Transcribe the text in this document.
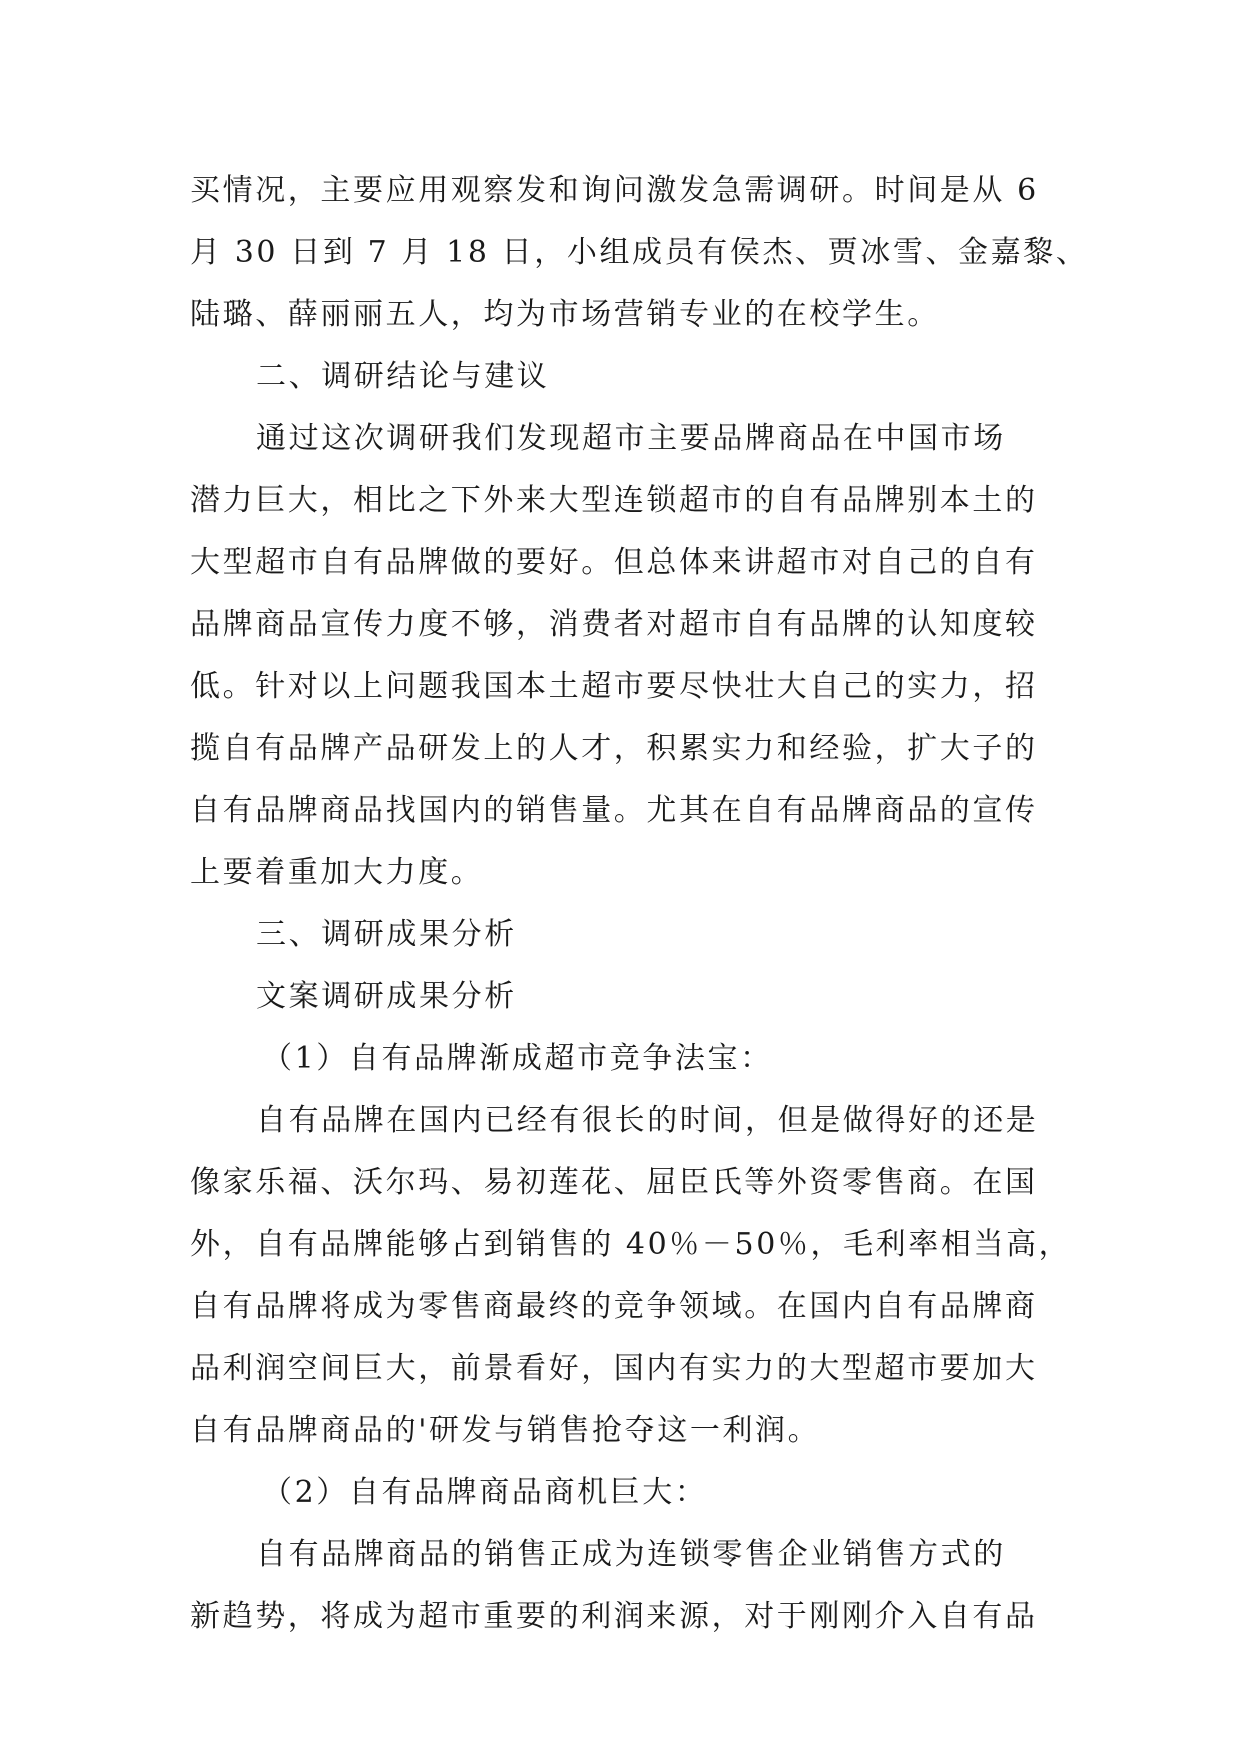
买情况，主要应用观察发和询问激发急需调研。时间是从 6
月 30 日到 7 月 18 日，小组成员有侯杰、贾冰雪、金嘉黎、
陆璐、薛丽丽五人，均为市场营销专业的在校学生。
二、调研结论与建议
通过这次调研我们发现超市主要品牌商品在中国市场
潜力巨大，相比之下外来大型连锁超市的自有品牌别本土的
大型超市自有品牌做的要好。但总体来讲超市对自己的自有
品牌商品宣传力度不够，消费者对超市自有品牌的认知度较
低。针对以上问题我国本土超市要尽快壮大自己的实力，招
揽自有品牌产品研发上的人才，积累实力和经验，扩大子的
自有品牌商品找国内的销售量。尤其在自有品牌商品的宣传
上要着重加大力度。
三、调研成果分析
文案调研成果分析
（1）自有品牌渐成超市竞争法宝：
自有品牌在国内已经有很长的时间，但是做得好的还是
像家乐福、沃尔玛、易初莲花、屈臣氏等外资零售商。在国
外，自有品牌能够占到销售的 40％－50％，毛利率相当高，
自有品牌将成为零售商最终的竞争领域。在国内自有品牌商
品利润空间巨大，前景看好，国内有实力的大型超市要加大
自有品牌商品的'研发与销售抢夺这一利润。
（2）自有品牌商品商机巨大：
自有品牌商品的销售正成为连锁零售企业销售方式的
新趋势，将成为超市重要的利润来源，对于刚刚介入自有品
